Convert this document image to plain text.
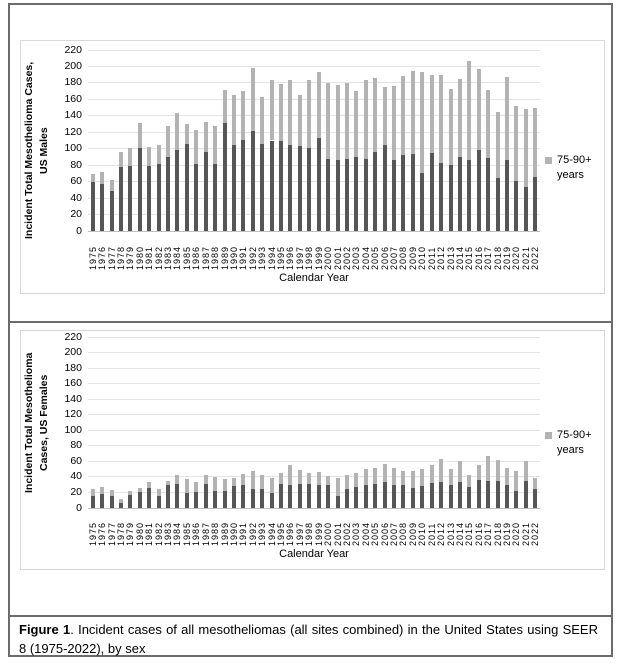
0
20
40
60
80
100
120
140
160
180
200
220
1975 1976 1977 1978 1979 1980 1981 1982 1983 1984 1985 1986 1987 1988 1989 1990 1991 1992 1993 1994 1995 1996 1997 1998 1999 2000 2001 2002 2003 2004 2005 2006 2007 2008 2009 2010 2011 2012 2013 2014 2015 2016 2017 2018 2019 2020 2021 2022
Incident Total Mesothelioma Cases, US Males
0
20
40
60
80
100
120
140
160
180
200
220
1975 1976 1977 1978 1979 1980 1981 1982 1983 1984 1985 1986 1987 1988 1989 1990 1991 1992 1993 1994 1995 1996 1997 1998 1999 2000 2001 2002 2003 2004 2005 2006 2007 2008 2009 2010 2011 2012 2013 2014 2015 2016 2017 2018 2019 2020 2021 2022
Incident Total Mesothelioma Cases, US Females
Calendar Year
Calendar Year
75-90+ years
75-90+ years
Figure 1. Incident cases of all mesotheliomas (all sites combined) in the United States using SEER 8 (1975-2022), by sex
